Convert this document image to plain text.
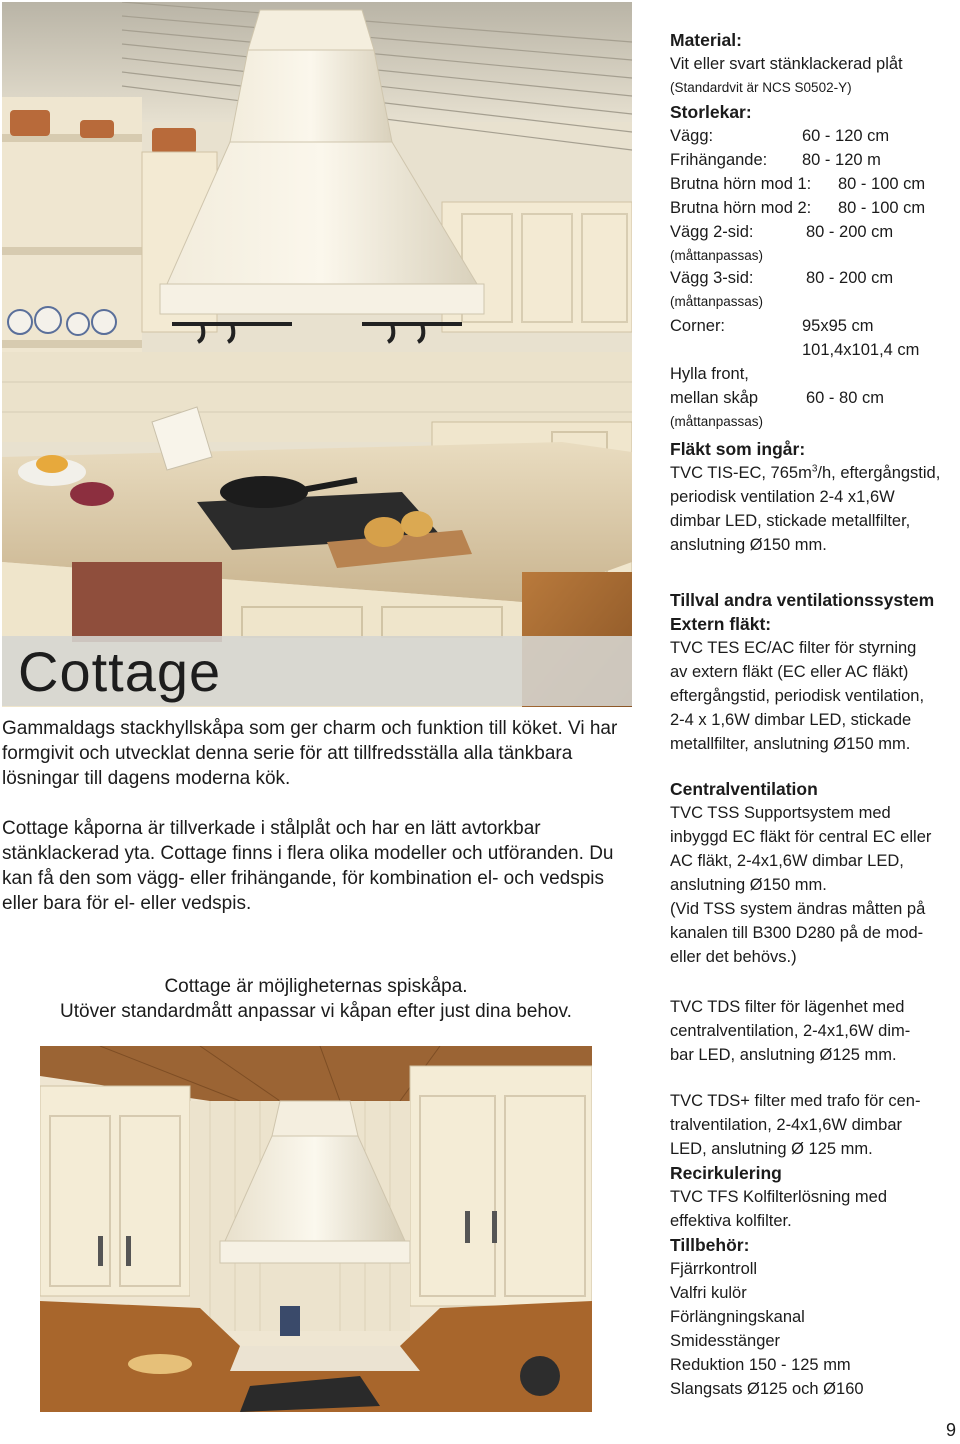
Cottage

Gammaldags stackhyllskåpa som ger charm och funktion till köket. Vi har formgivit och utvecklat denna serie för att tillfredsställa alla tänkbara lösningar till dagens moderna kök.

Cottage kåporna är tillverkade i stålplåt och har en lätt avtorkbar stänklackerad yta. Cottage finns i flera olika modeller och utföranden. Du kan få den som vägg- eller frihängande, för kombination el- och vedspis eller bara för el- eller vedspis.

Cottage är möjligheternas spiskåpa.
Utöver standardmått anpassar vi kåpan efter just dina behov.
Material:
Vit eller svart stänklackerad plåt
(Standardvit är NCS S0502-Y)
Storlekar:
Vägg:	60 - 120 cm
Frihängande: 80 - 120 m
Brutna hörn mod 1: 80 - 100 cm
Brutna hörn mod 2: 80 - 100 cm
Vägg 2-sid:	80 - 200 cm
(måttanpassas)
Vägg 3-sid:	80 - 200 cm
(måttanpassas)
Corner:	95x95 cm
101,4x101,4 cm
Hylla front,
mellan skåp	60 - 80 cm
(måttanpassas)
Fläkt som ingår:
TVC TIS-EC, $765m^3/h$, eftergångstid,
periodisk ventilation 2-4 x1,6W
dimbar LED, stickade metallfilter,
anslutning Ø150 mm.
Tillval andra ventilationssystem
Extern fläkt:
TVC TES EC/AC filter för styrning
av extern fläkt (EC eller AC fläkt)
eftergångstid, periodisk ventilation,
2-4 x 1,6W dimbar LED, stickade
metallfilter, anslutning Ø150 mm.
Centralventilation
TVC TSS Supportsystem med
inbyggd EC fläkt för central EC eller
AC fläkt, 2-4x1,6W dimbar LED,
anslutning Ø150 mm.
(Vid TSS system ändras måtten på
kanalen till B300 D280 på de mod-
eller det behövs.)
TVC TDS filter för lägenhet med
centralventilation, 2-4x1,6W dim-
bar LED, anslutning Ø125 mm.
TVC TDS+ filter med trafo för cen-
tralventilation, 2-4x1,6W dimbar
LED, anslutning Ø 125 mm.
Recirkulering
TVC TFS Kolfilterlösning med
effektiva kolfilter.
Tillbehör:
Fjärrkontroll
Valfri kulör
Förlängningskanal
Smidesstänger
Reduktion 150 - 125 mm
Slangsats Ø125 och Ø160
9
